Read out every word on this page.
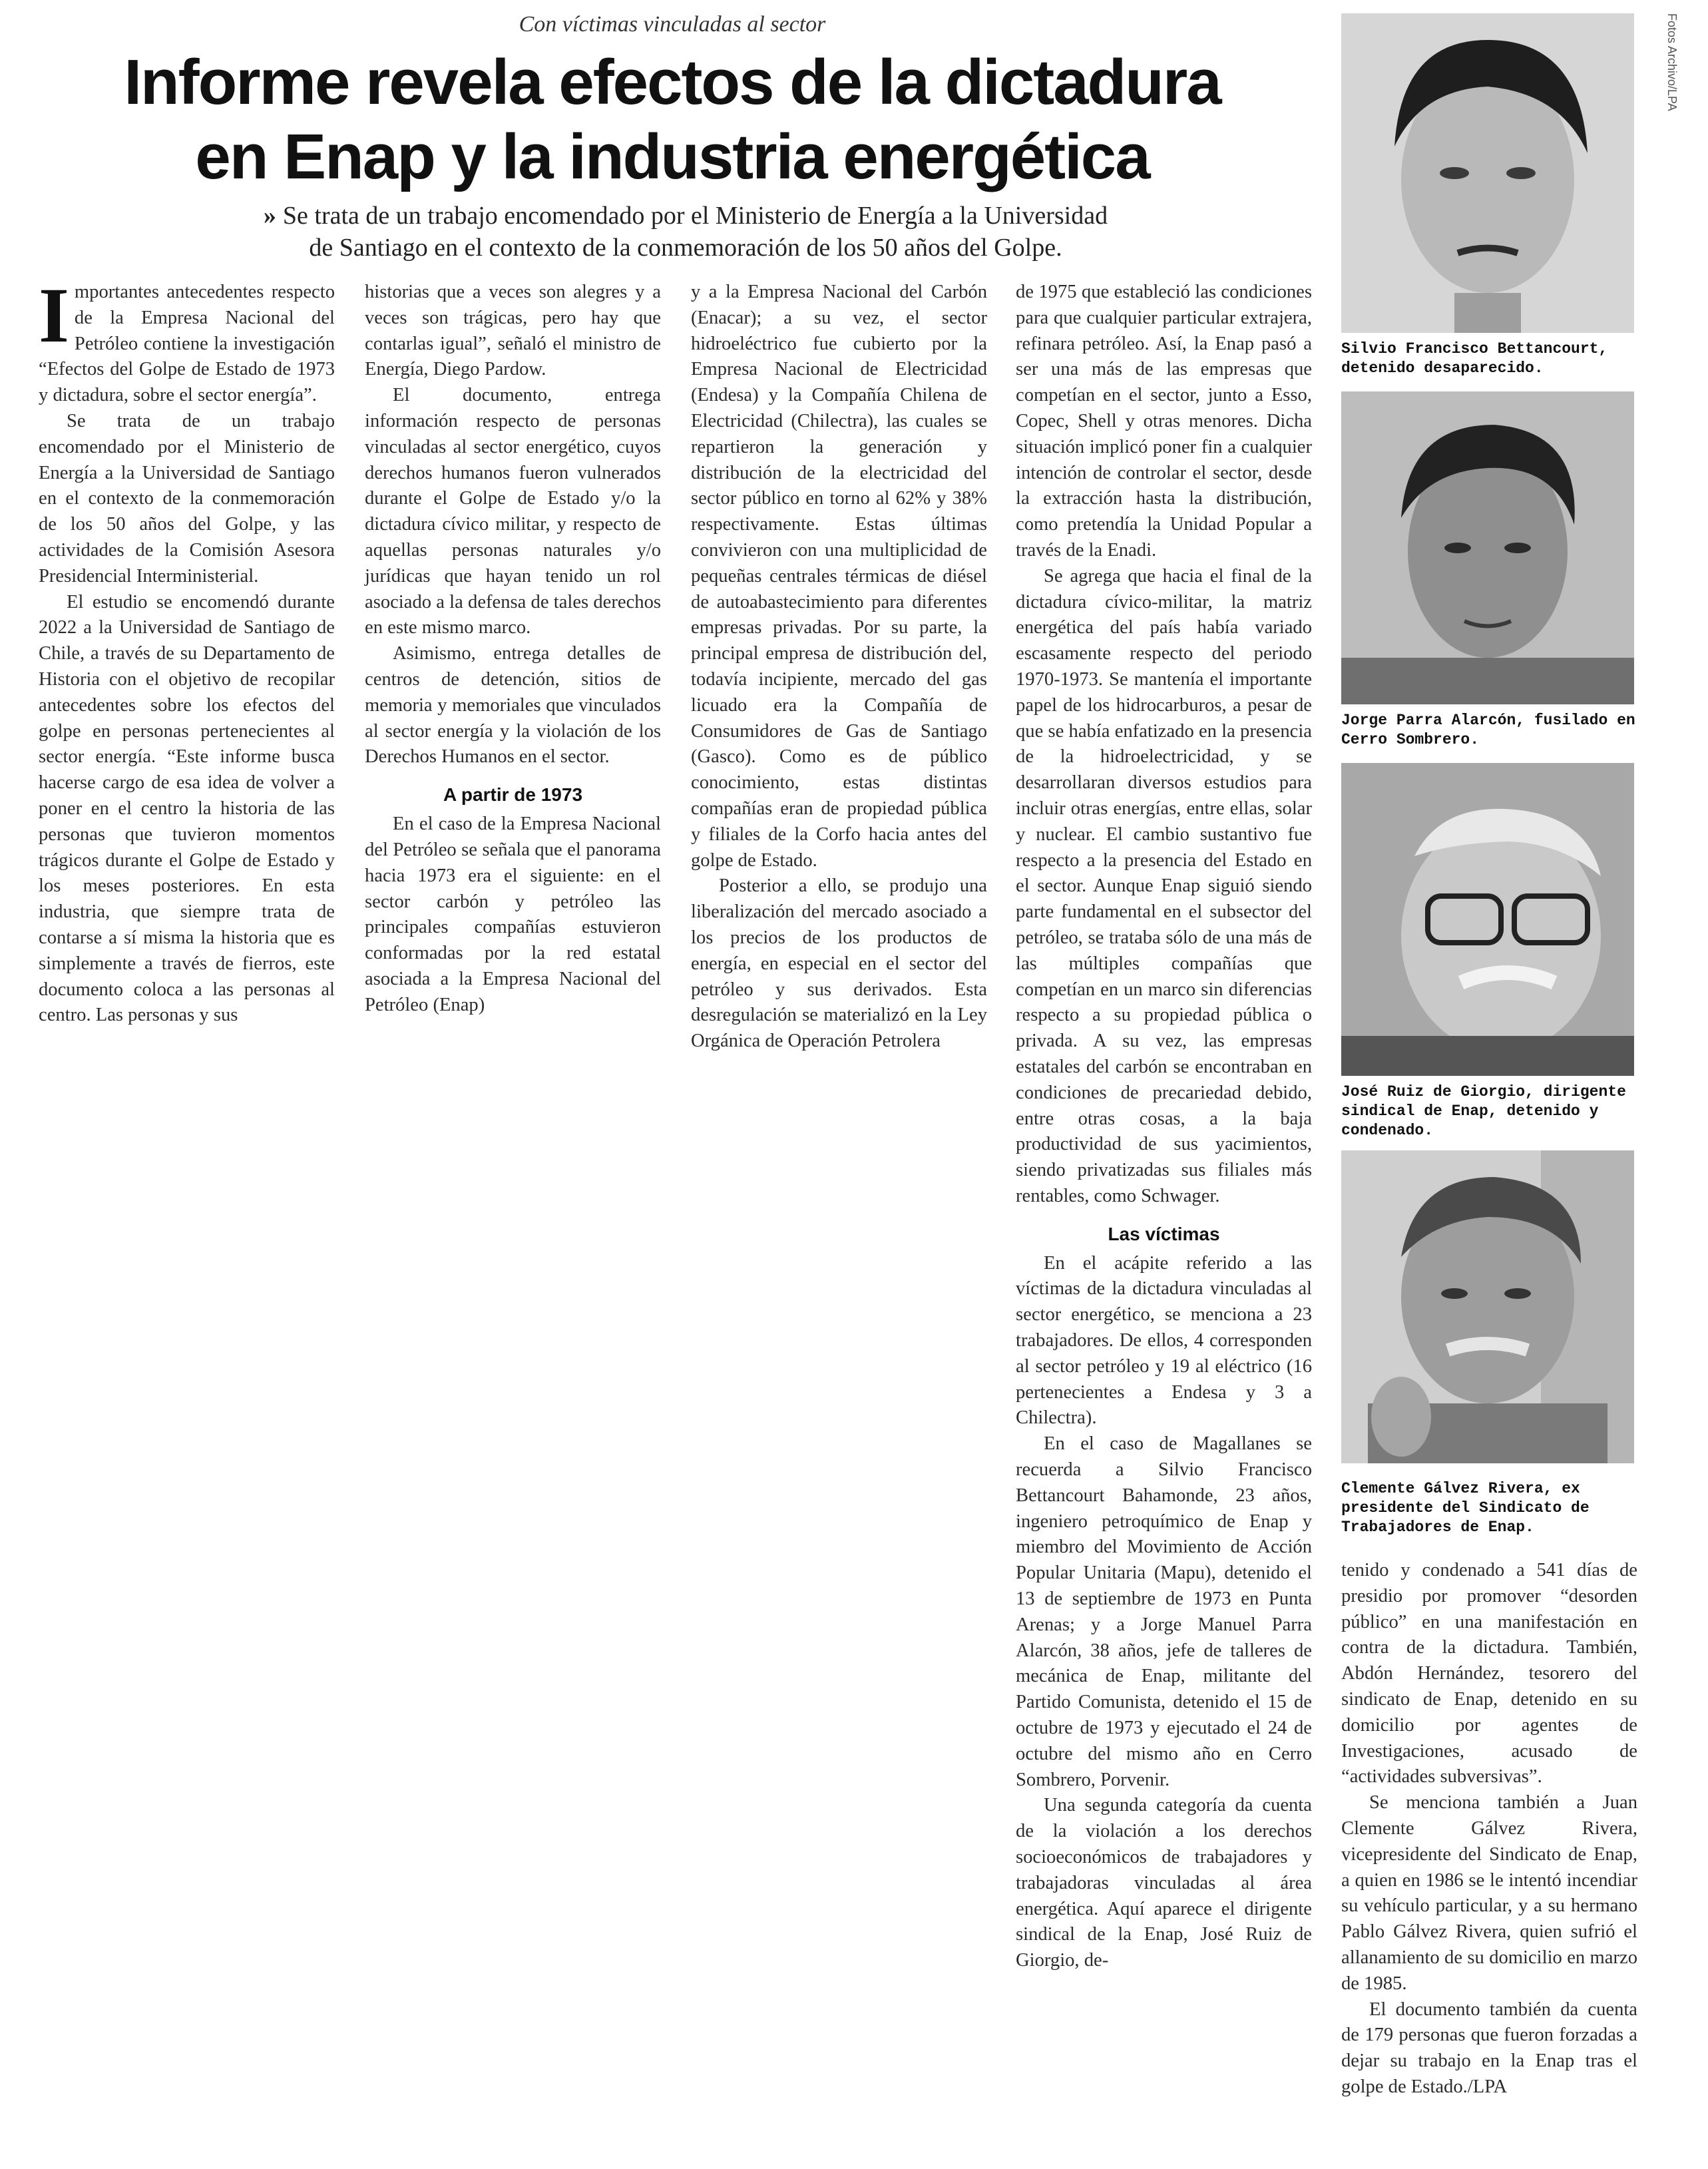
Con víctimas vinculadas al sector
Informe revela efectos de la dictadura
en Enap y la industria energética
» Se trata de un trabajo encomendado por el Ministerio de Energía a la Universidad
de Santiago en el contexto de la conmemoración de los 50 años del Golpe.
Fotos Archivo/LPA

Importantes antecedentes respecto de la Empresa Nacional del Petróleo contiene la investigación “Efectos del Golpe de Estado de 1973 y dictadura, sobre el sector energía”.

Se trata de un trabajo encomendado por el Ministerio de Energía a la Universidad de Santiago en el contexto de la conmemoración de los 50 años del Golpe, y las actividades de la Comisión Asesora Presidencial Interministerial.

El estudio se encomendó durante 2022 a la Universidad de Santiago de Chile, a través de su Departamento de Historia con el objetivo de recopilar antecedentes sobre los efectos del golpe en personas pertenecientes al sector energía. “Este informe busca hacerse cargo de esa idea de volver a poner en el centro la historia de las personas que tuvieron momentos trágicos durante el Golpe de Estado y los meses posteriores. En esta industria, que siempre trata de contarse a sí misma la historia que es simplemente a través de fierros, este documento coloca a las personas al centro. Las personas y sus

historias que a veces son alegres y a veces son trágicas, pero hay que contarlas igual”, señaló el ministro de Energía, Diego Pardow.

El documento, entrega información respecto de personas vinculadas al sector energético, cuyos derechos humanos fueron vulnerados durante el Golpe de Estado y/o la dictadura cívico militar, y respecto de aquellas personas naturales y/o jurídicas que hayan tenido un rol asociado a la defensa de tales derechos en este mismo marco.

Asimismo, entrega detalles de centros de detención, sitios de memoria y memoriales que vinculados al sector energía y la violación de los Derechos Humanos en el sector.

A partir de 1973

En el caso de la Empresa Nacional del Petróleo se señala que el panorama hacia 1973 era el siguiente: en el sector carbón y petróleo las principales compañías estuvieron conformadas por la red estatal asociada a la Empresa Nacional del Petróleo (Enap)

y a la Empresa Nacional del Carbón (Enacar); a su vez, el sector hidroeléctrico fue cubierto por la Empresa Nacional de Electricidad (Endesa) y la Compañía Chilena de Electricidad (Chilectra), las cuales se repartieron la generación y distribución de la electricidad del sector público en torno al 62% y 38% respectivamente. Estas últimas convivieron con una multiplicidad de pequeñas centrales térmicas de diésel de autoabastecimiento para diferentes empresas privadas. Por su parte, la principal empresa de distribución del, todavía incipiente, mercado del gas licuado era la Compañía de Consumidores de Gas de Santiago (Gasco). Como es de público conocimiento, estas distintas compañías eran de propiedad pública y filiales de la Corfo hacia antes del golpe de Estado.

Posterior a ello, se produjo una liberalización del mercado asociado a los precios de los productos de energía, en especial en el sector del petróleo y sus derivados. Esta desregulación se materializó en la Ley Orgánica de Operación Petrolera

de 1975 que estableció las condiciones para que cualquier particular extrajera, refinara petróleo. Así, la Enap pasó a ser una más de las empresas que competían en el sector, junto a Esso, Copec, Shell y otras menores. Dicha situación implicó poner fin a cualquier intención de controlar el sector, desde la extracción hasta la distribución, como pretendía la Unidad Popular a través de la Enadi.

Se agrega que hacia el final de la dictadura cívico-militar, la matriz energética del país había variado escasamente respecto del periodo 1970-1973. Se mantenía el importante papel de los hidrocarburos, a pesar de que se había enfatizado en la presencia de la hidroelectricidad, y se desarrollaran diversos estudios para incluir otras energías, entre ellas, solar y nuclear. El cambio sustantivo fue respecto a la presencia del Estado en el sector. Aunque Enap siguió siendo parte fundamental en el subsector del petróleo, se trataba sólo de una más de las múltiples compañías que competían en un marco sin diferencias respecto a su propiedad pública o privada. A su vez, las empresas estatales del carbón se encontraban en condiciones de precariedad debido, entre otras cosas, a la baja productividad de sus yacimientos, siendo privatizadas sus filiales más rentables, como Schwager.

Las víctimas

En el acápite referido a las víctimas de la dictadura vinculadas al sector energético, se menciona a 23 trabajadores. De ellos, 4 corresponden al sector petróleo y 19 al eléctrico (16 pertenecientes a Endesa y 3 a Chilectra).

En el caso de Magallanes se recuerda a Silvio Francisco Bettancourt Bahamonde, 23 años, ingeniero petroquímico de Enap y miembro del Movimiento de Acción Popular Unitaria (Mapu), detenido el 13 de septiembre de 1973 en Punta Arenas; y a Jorge Manuel Parra Alarcón, 38 años, jefe de talleres de mecánica de Enap, militante del Partido Comunista, detenido el 15 de octubre de 1973 y ejecutado el 24 de octubre del mismo año en Cerro Sombrero, Porvenir.

Una segunda categoría da cuenta de la violación a los derechos socioeconómicos de trabajadores y trabajadoras vinculadas al área energética. Aquí aparece el dirigente sindical de la Enap, José Ruiz de Giorgio, de-

Silvio Francisco Bettancourt, detenido desaparecido.
Jorge Parra Alarcón, fusilado en Cerro Sombrero.
José Ruiz de Giorgio, dirigente sindical de Enap, detenido y condenado.
Clemente Gálvez Rivera, ex presidente del Sindicato de Trabajadores de Enap.

tenido y condenado a 541 días de presidio por promover “desorden público” en una manifestación en contra de la dictadura. También, Abdón Hernández, tesorero del sindicato de Enap, detenido en su domicilio por agentes de Investigaciones, acusado de “actividades subversivas”.

Se menciona también a Juan Clemente Gálvez Rivera, vicepresidente del Sindicato de Enap, a quien en 1986 se le intentó incendiar su vehículo particular, y a su hermano Pablo Gálvez Rivera, quien sufrió el allanamiento de su domicilio en marzo de 1985.

El documento también da cuenta de 179 personas que fueron forzadas a dejar su trabajo en la Enap tras el golpe de Estado./LPA
